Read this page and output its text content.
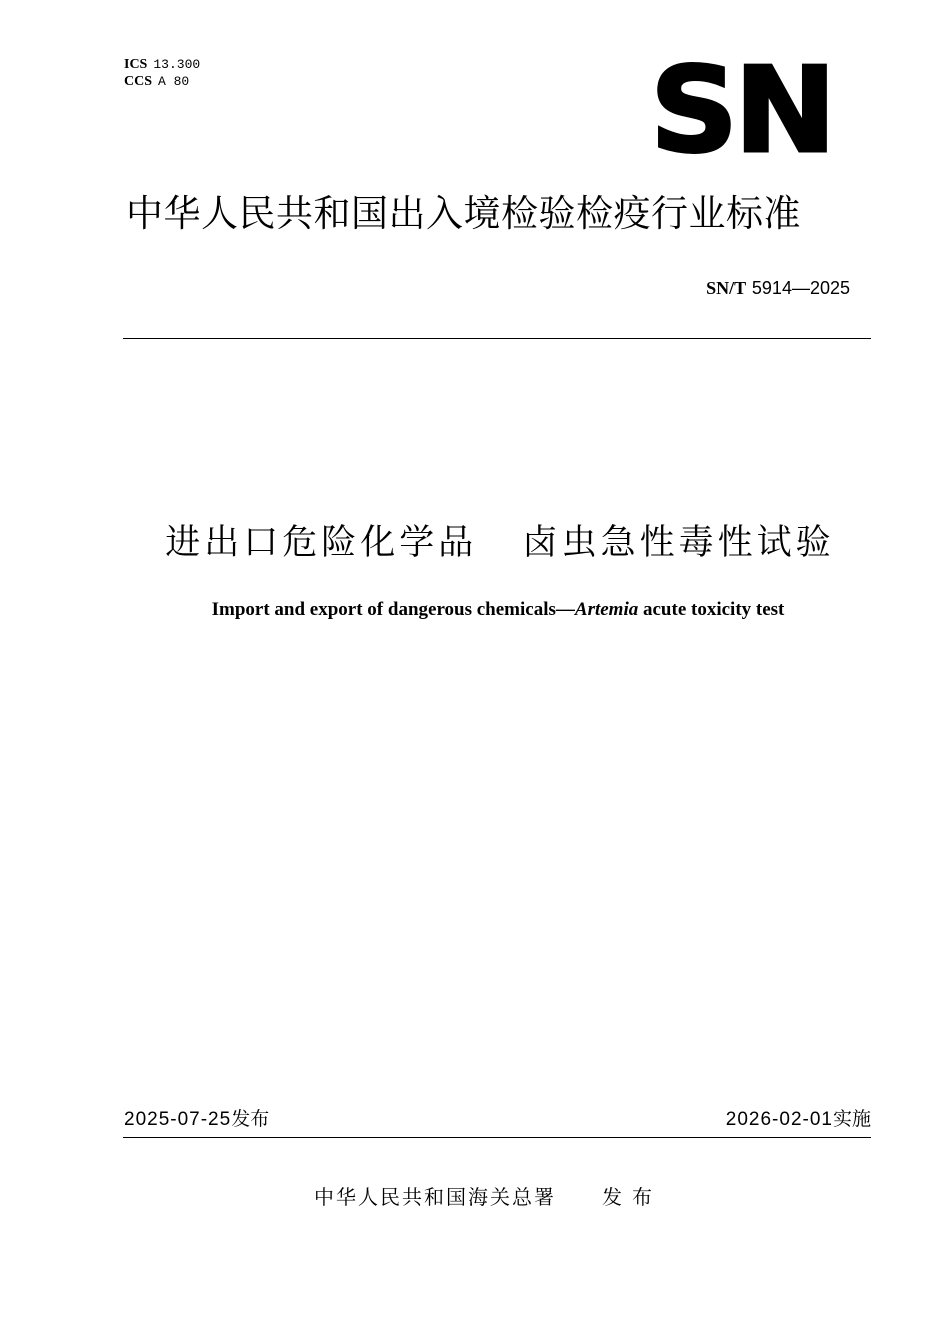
ICS 13.300
CCS A 80	SN
中华人民共和国出入境检验检疫行业标准
SN/T 5914—2025
进出口危险化学品   卤虫急性毒性试验
Import and export of dangerous chemicals—Artemia acute toxicity test
2025-07-25发布	2026-02-01实施
中华人民共和国海关总署 发布
